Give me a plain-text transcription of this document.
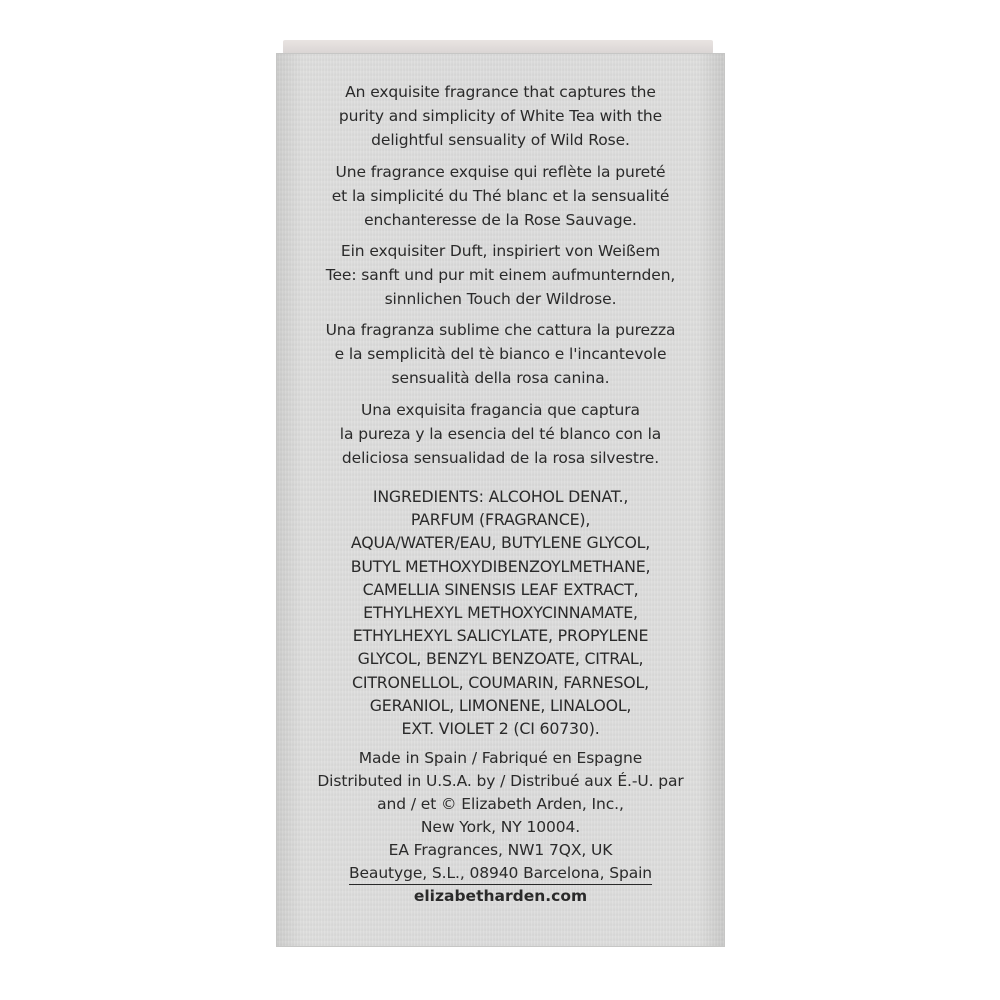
An exquisite fragrance that captures the
purity and simplicity of White Tea with the
delightful sensuality of Wild Rose.

Une fragrance exquise qui reflète la pureté
et la simplicité du Thé blanc et la sensualité
enchanteresse de la Rose Sauvage.

Ein exquisiter Duft, inspiriert von Weißem
Tee: sanft und pur mit einem aufmunternden,
sinnlichen Touch der Wildrose.

Una fragranza sublime che cattura la purezza
e la semplicità del tè bianco e l'incantevole
sensualità della rosa canina.

Una exquisita fragancia que captura
la pureza y la esencia del té blanco con la
deliciosa sensualidad de la rosa silvestre.

INGREDIENTS: ALCOHOL DENAT.,
PARFUM (FRAGRANCE),
AQUA/WATER/EAU, BUTYLENE GLYCOL,
BUTYL METHOXYDIBENZOYLMETHANE,
CAMELLIA SINENSIS LEAF EXTRACT,
ETHYLHEXYL METHOXYCINNAMATE,
ETHYLHEXYL SALICYLATE, PROPYLENE
GLYCOL, BENZYL BENZOATE, CITRAL,
CITRONELLOL, COUMARIN, FARNESOL,
GERANIOL, LIMONENE, LINALOOL,
EXT. VIOLET 2 (CI 60730).

Made in Spain / Fabriqué en Espagne
Distributed in U.S.A. by / Distribué aux É.-U. par
and / et © Elizabeth Arden, Inc.,
New York, NY 10004.
EA Fragrances, NW1 7QX, UK

Beautyge, S.L., 08940 Barcelona, Spain

elizabetharden.com
